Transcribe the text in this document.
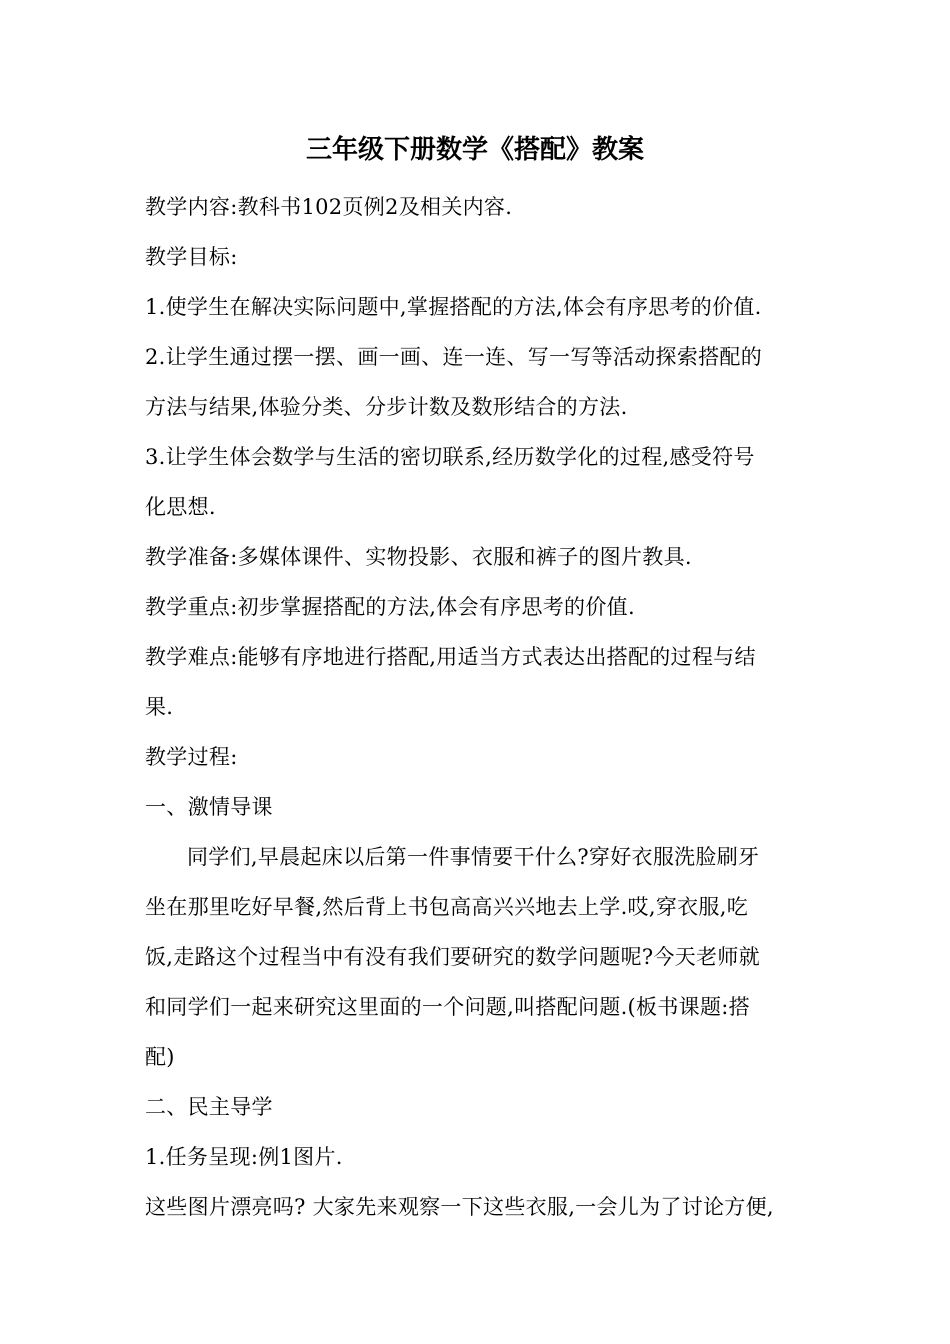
三年级下册数学《搭配》教案

教学内容:教科书102页例2及相关内容.

教学目标:

1.使学生在解决实际问题中,掌握搭配的方法,体会有序思考的价值.

2.让学生通过摆一摆、画一画、连一连、写一写等活动探索搭配的

方法与结果,体验分类、分步计数及数形结合的方法.

3.让学生体会数学与生活的密切联系,经历数学化的过程,感受符号

化思想.

教学准备:多媒体课件、实物投影、衣服和裤子的图片教具.

教学重点:初步掌握搭配的方法,体会有序思考的价值.

教学难点:能够有序地进行搭配,用适当方式表达出搭配的过程与结

果.

教学过程:

一、激情导课

同学们,早晨起床以后第一件事情要干什么?穿好衣服洗脸刷牙

坐在那里吃好早餐,然后背上书包高高兴兴地去上学.哎,穿衣服,吃

饭,走路这个过程当中有没有我们要研究的数学问题呢?今天老师就

和同学们一起来研究这里面的一个问题,叫搭配问题.(板书课题:搭

配)

二、民主导学

1.任务呈现:例1图片.

这些图片漂亮吗? 大家先来观察一下这些衣服,一会儿为了讨论方便,
